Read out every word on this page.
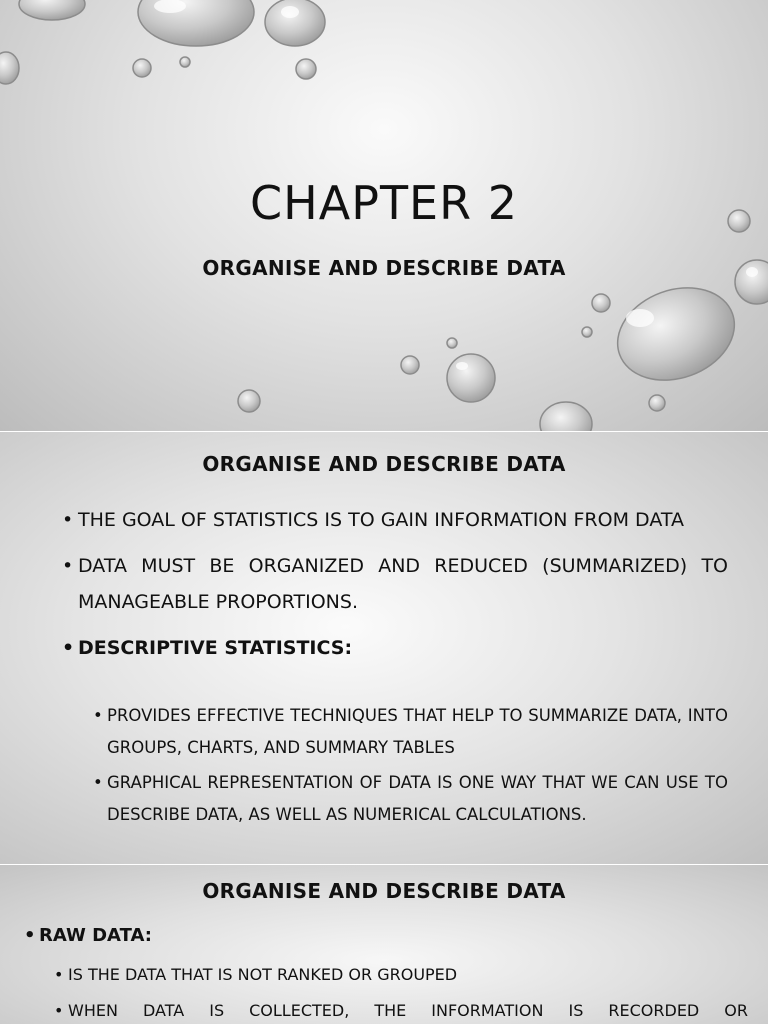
CHAPTER 2
ORGANISE AND DESCRIBE DATA
ORGANISE AND DESCRIBE DATA
• THE GOAL OF STATISTICS IS TO GAIN INFORMATION FROM DATA
• DATA MUST BE ORGANIZED AND REDUCED (SUMMARIZED) TO MANAGEABLE PROPORTIONS.
• DESCRIPTIVE STATISTICS:
• PROVIDES EFFECTIVE TECHNIQUES THAT HELP TO SUMMARIZE DATA, INTO GROUPS, CHARTS, AND SUMMARY TABLES
• GRAPHICAL REPRESENTATION OF DATA IS ONE WAY THAT WE CAN USE TO DESCRIBE DATA, AS WELL AS NUMERICAL CALCULATIONS.
ORGANISE AND DESCRIBE DATA
• RAW DATA:
• IS THE DATA THAT IS NOT RANKED OR GROUPED
• WHEN DATA IS COLLECTED, THE INFORMATION IS RECORDED OR
